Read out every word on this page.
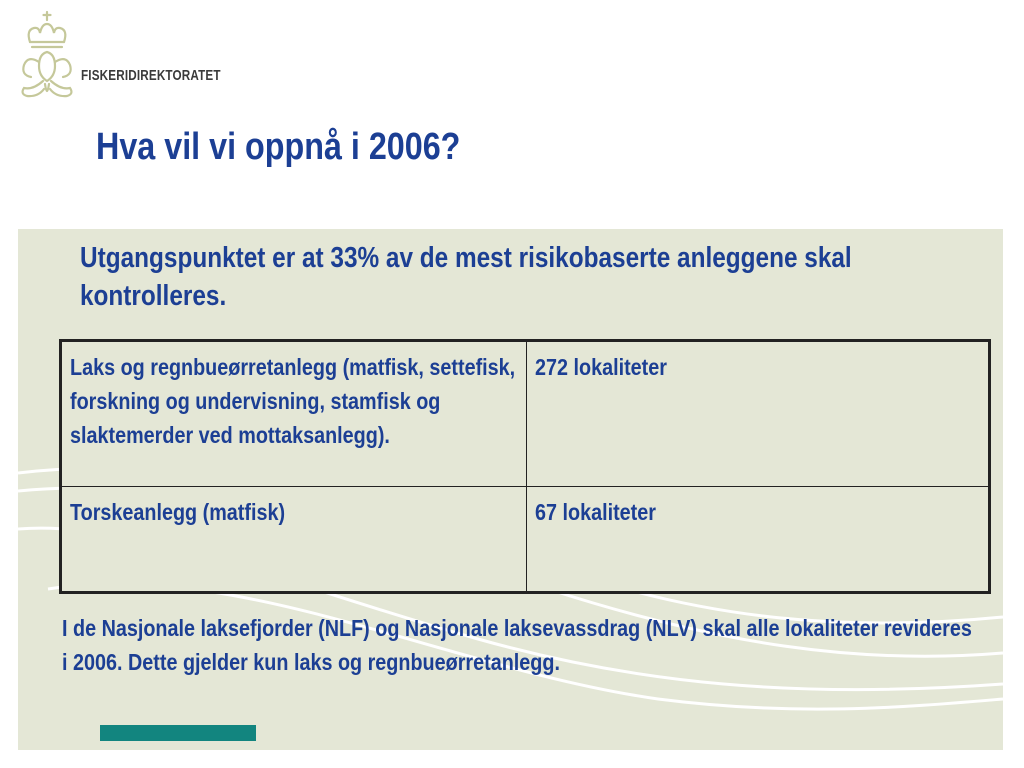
FISKERIDIREKTORATET
Hva vil vi oppnå i 2006?

Utgangspunktet er at 33% av de mest risikobaserte anleggene skal kontrolleres.

Laks og regnbueørretanlegg (matfisk, settefisk, forskning og undervisning, stamfisk og slaktemerder ved mottaksanlegg).	272 lokaliteter

Torskeanlegg (matfisk)	67 lokaliteter

I de Nasjonale laksefjorder (NLF) og Nasjonale laksevassdrag (NLV) skal alle lokaliteter revideres i 2006. Dette gjelder kun laks og regnbueørretanlegg.
